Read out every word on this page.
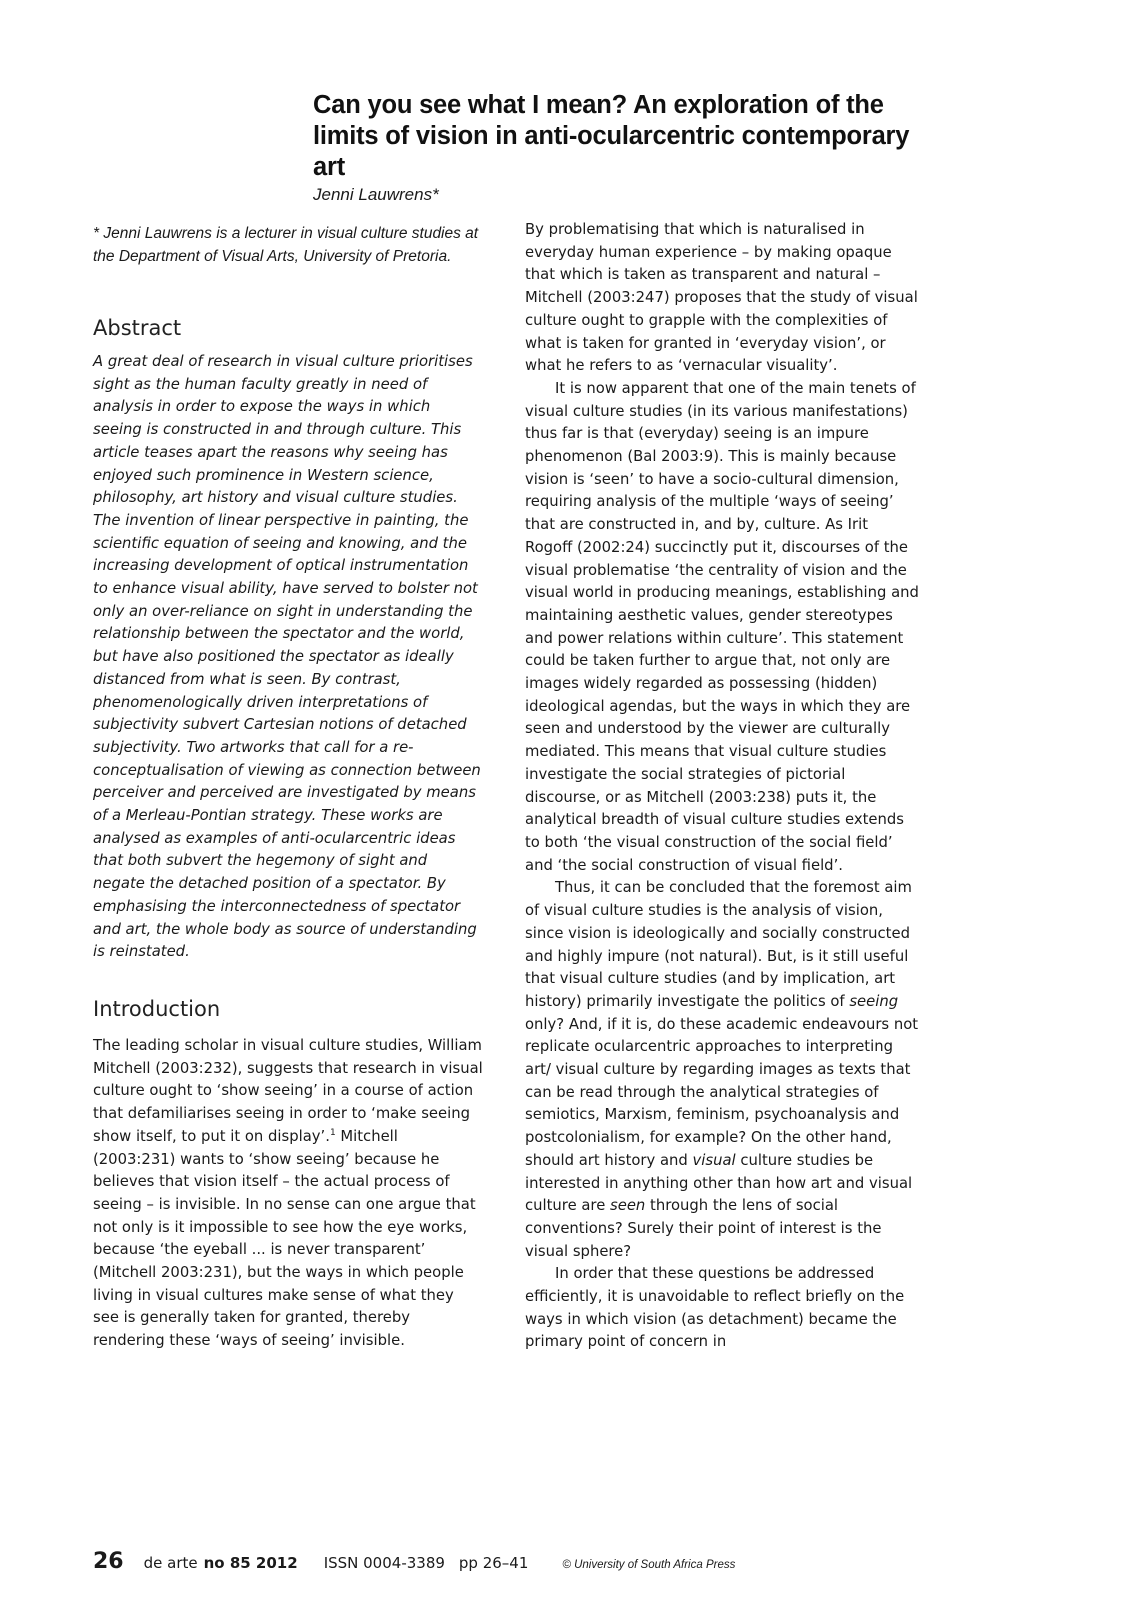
Can you see what I mean? An exploration of the limits of vision in anti-ocularcentric contemporary art
Jenni Lauwrens*

* Jenni Lauwrens is a lecturer in visual culture studies at the Department of Visual Arts, University of Pretoria.

Abstract

A great deal of research in visual culture prioritises sight as the human faculty greatly in need of analysis in order to expose the ways in which seeing is constructed in and through culture. This article teases apart the reasons why seeing has enjoyed such prominence in Western science, philosophy, art history and visual culture studies. The invention of linear perspective in painting, the scientific equation of seeing and knowing, and the increasing development of optical instrumentation to enhance visual ability, have served to bolster not only an over-reliance on sight in understanding the relationship between the spectator and the world, but have also positioned the spectator as ideally distanced from what is seen. By contrast, phenomenologically driven interpretations of subjectivity subvert Cartesian notions of detached subjectivity. Two artworks that call for a re-conceptualisation of viewing as connection between perceiver and perceived are investigated by means of a Merleau-Pontian strategy. These works are analysed as examples of anti-ocularcentric ideas that both subvert the hegemony of sight and negate the detached position of a spectator. By emphasising the interconnectedness of spectator and art, the whole body as source of understanding is reinstated.

Introduction

The leading scholar in visual culture studies, William Mitchell (2003:232), suggests that research in visual culture ought to ‘show seeing’ in a course of action that defamiliarises seeing in order to ‘make seeing show itself, to put it on display’.$^1$ Mitchell (2003:231) wants to ‘show seeing’ because he believes that vision itself – the actual process of seeing – is invisible. In no sense can one argue that not only is it impossible to see how the eye works, because ‘the eyeball ... is never transparent’ (Mitchell 2003:231), but the ways in which people living in visual cultures make sense of what they see is generally taken for granted, thereby rendering these ‘ways of seeing’ invisible.

By problematising that which is naturalised in everyday human experience – by making opaque that which is taken as transparent and natural – Mitchell (2003:247) proposes that the study of visual culture ought to grapple with the complexities of what is taken for granted in ‘everyday vision’, or what he refers to as ‘vernacular visuality’.

It is now apparent that one of the main tenets of visual culture studies (in its various manifestations) thus far is that (everyday) seeing is an impure phenomenon (Bal 2003:9). This is mainly because vision is ‘seen’ to have a socio-cultural dimension, requiring analysis of the multiple ‘ways of seeing’ that are constructed in, and by, culture. As Irit Rogoff (2002:24) succinctly put it, discourses of the visual problematise ‘the centrality of vision and the visual world in producing meanings, establishing and maintaining aesthetic values, gender stereotypes and power relations within culture’. This statement could be taken further to argue that, not only are images widely regarded as possessing (hidden) ideological agendas, but the ways in which they are seen and understood by the viewer are culturally mediated. This means that visual culture studies investigate the social strategies of pictorial discourse, or as Mitchell (2003:238) puts it, the analytical breadth of visual culture studies extends to both ‘the visual construction of the social field’ and ‘the social construction of visual field’.

Thus, it can be concluded that the foremost aim of visual culture studies is the analysis of vision, since vision is ideologically and socially constructed and highly impure (not natural). But, is it still useful that visual culture studies (and by implication, art history) primarily investigate the politics of seeing only? And, if it is, do these academic endeavours not replicate ocularcentric approaches to interpreting art/ visual culture by regarding images as texts that can be read through the analytical strategies of semiotics, Marxism, feminism, psychoanalysis and postcolonialism, for example? On the other hand, should art history and visual culture studies be interested in anything other than how art and visual culture are seen through the lens of social conventions? Surely their point of interest is the visual sphere?

In order that these questions be addressed efficiently, it is unavoidable to reflect briefly on the ways in which vision (as detachment) became the primary point of concern in

26 de arte no 85 2012 ISSN 0004-3389 pp 26–41	© University of South Africa Press
